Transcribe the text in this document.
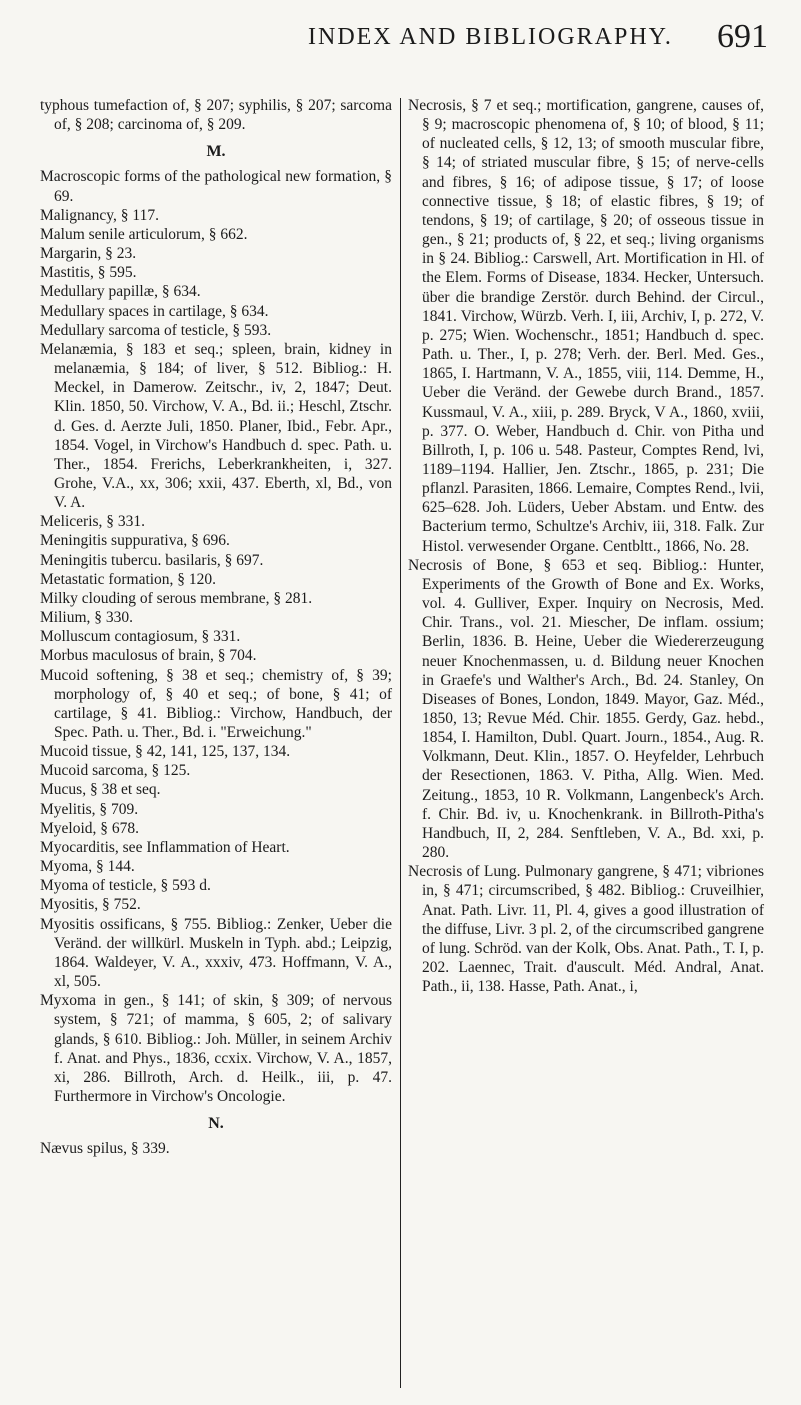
INDEX AND BIBLIOGRAPHY. 691

typhous tumefaction of, § 207; syphilis, § 207; sarcoma of, § 208; carcinoma of, § 209.

M.

Macroscopic forms of the pathological new formation, § 69.

Malignancy, § 117.

Malum senile articulorum, § 662.

Margarin, § 23.

Mastitis, § 595.

Medullary papillæ, § 634.

Medullary spaces in cartilage, § 634.

Medullary sarcoma of testicle, § 593.

Melanæmia, § 183 et seq.; spleen, brain, kidney in melanæmia, § 184; of liver, § 512. Bibliog.: H. Meckel, in Damerow. Zeitschr., iv, 2, 1847; Deut. Klin. 1850, 50. Virchow, V. A., Bd. ii.; Heschl, Ztschr. d. Ges. d. Aerzte Juli, 1850. Planer, Ibid., Febr. Apr., 1854. Vogel, in Virchow's Handbuch d. spec. Path. u. Ther., 1854. Frerichs, Leberkrankheiten, i, 327. Grohe, V.A., xx, 306; xxii, 437. Eberth, xl, Bd., von V. A.

Meliceris, § 331.

Meningitis suppurativa, § 696.

Meningitis tubercu. basilaris, § 697.

Metastatic formation, § 120.

Milky clouding of serous membrane, § 281.

Milium, § 330.

Molluscum contagiosum, § 331.

Morbus maculosus of brain, § 704.

Mucoid softening, § 38 et seq.; chemistry of, § 39; morphology of, § 40 et seq.; of bone, § 41; of cartilage, § 41. Bibliog.: Virchow, Handbuch, der Spec. Path. u. Ther., Bd. i. "Erweichung."

Mucoid tissue, § 42, 141, 125, 137, 134.

Mucoid sarcoma, § 125.

Mucus, § 38 et seq.

Myelitis, § 709.

Myeloid, § 678.

Myocarditis, see Inflammation of Heart.

Myoma, § 144.

Myoma of testicle, § 593 d.

Myositis, § 752.

Myositis ossificans, § 755. Bibliog.: Zenker, Ueber die Veränd. der willkürl. Muskeln in Typh. abd.; Leipzig, 1864. Waldeyer, V. A., xxxiv, 473. Hoffmann, V. A., xl, 505.

Myxoma in gen., § 141; of skin, § 309; of nervous system, § 721; of mamma, § 605, 2; of salivary glands, § 610. Bibliog.: Joh. Müller, in seinem Archiv f. Anat. and Phys., 1836, ccxix. Virchow, V. A., 1857, xi, 286. Billroth, Arch. d. Heilk., iii, p. 47. Furthermore in Virchow's Oncologie.

N.

Nævus spilus, § 339.

Necrosis, § 7 et seq.; mortification, gangrene, causes of, § 9; macroscopic phenomena of, § 10; of blood, § 11; of nucleated cells, § 12, 13; of smooth muscular fibre, § 14; of striated muscular fibre, § 15; of nerve-cells and fibres, § 16; of adipose tissue, § 17; of loose connective tissue, § 18; of elastic fibres, § 19; of tendons, § 19; of cartilage, § 20; of osseous tissue in gen., § 21; products of, § 22, et seq.; living organisms in § 24. Bibliog.: Carswell, Art. Mortification in Hl. of the Elem. Forms of Disease, 1834. Hecker, Untersuch. über die brandige Zerstör. durch Behind. der Circul., 1841. Virchow, Würzb. Verh. I, iii, Archiv, I, p. 272, V. p. 275; Wien. Wochenschr., 1851; Handbuch d. spec. Path. u. Ther., I, p. 278; Verh. der. Berl. Med. Ges., 1865, I. Hartmann, V. A., 1855, viii, 114. Demme, H., Ueber die Veränd. der Gewebe durch Brand., 1857. Kussmaul, V. A., xiii, p. 289. Bryck, V A., 1860, xviii, p. 377. O. Weber, Handbuch d. Chir. von Pitha und Billroth, I, p. 106 u. 548. Pasteur, Comptes Rend, lvi, 1189–1194. Hallier, Jen. Ztschr., 1865, p. 231; Die pflanzl. Parasiten, 1866. Lemaire, Comptes Rend., lvii, 625–628. Joh. Lüders, Ueber Abstam. und Entw. des Bacterium termo, Schultze's Archiv, iii, 318. Falk. Zur Histol. verwesender Organe. Centbltt., 1866, No. 28.

Necrosis of Bone, § 653 et seq. Bibliog.: Hunter, Experiments of the Growth of Bone and Ex. Works, vol. 4. Gulliver, Exper. Inquiry on Necrosis, Med. Chir. Trans., vol. 21. Miescher, De inflam. ossium; Berlin, 1836. B. Heine, Ueber die Wiedererzeugung neuer Knochenmassen, u. d. Bildung neuer Knochen in Graefe's und Walther's Arch., Bd. 24. Stanley, On Diseases of Bones, London, 1849. Mayor, Gaz. Méd., 1850, 13; Revue Méd. Chir. 1855. Gerdy, Gaz. hebd., 1854, I. Hamilton, Dubl. Quart. Journ., 1854., Aug. R. Volkmann, Deut. Klin., 1857. O. Heyfelder, Lehrbuch der Resectionen, 1863. V. Pitha, Allg. Wien. Med. Zeitung., 1853, 10 R. Volkmann, Langenbeck's Arch. f. Chir. Bd. iv, u. Knochenkrank. in Billroth-Pitha's Handbuch, II, 2, 284. Senftleben, V. A., Bd. xxi, p. 280.

Necrosis of Lung. Pulmonary gangrene, § 471; vibriones in, § 471; circumscribed, § 482. Bibliog.: Cruveilhier, Anat. Path. Livr. 11, Pl. 4, gives a good illustration of the diffuse, Livr. 3 pl. 2, of the circumscribed gangrene of lung. Schröd. van der Kolk, Obs. Anat. Path., T. I, p. 202. Laennec, Trait. d'auscult. Méd. Andral, Anat. Path., ii, 138. Hasse, Path. Anat., i,
